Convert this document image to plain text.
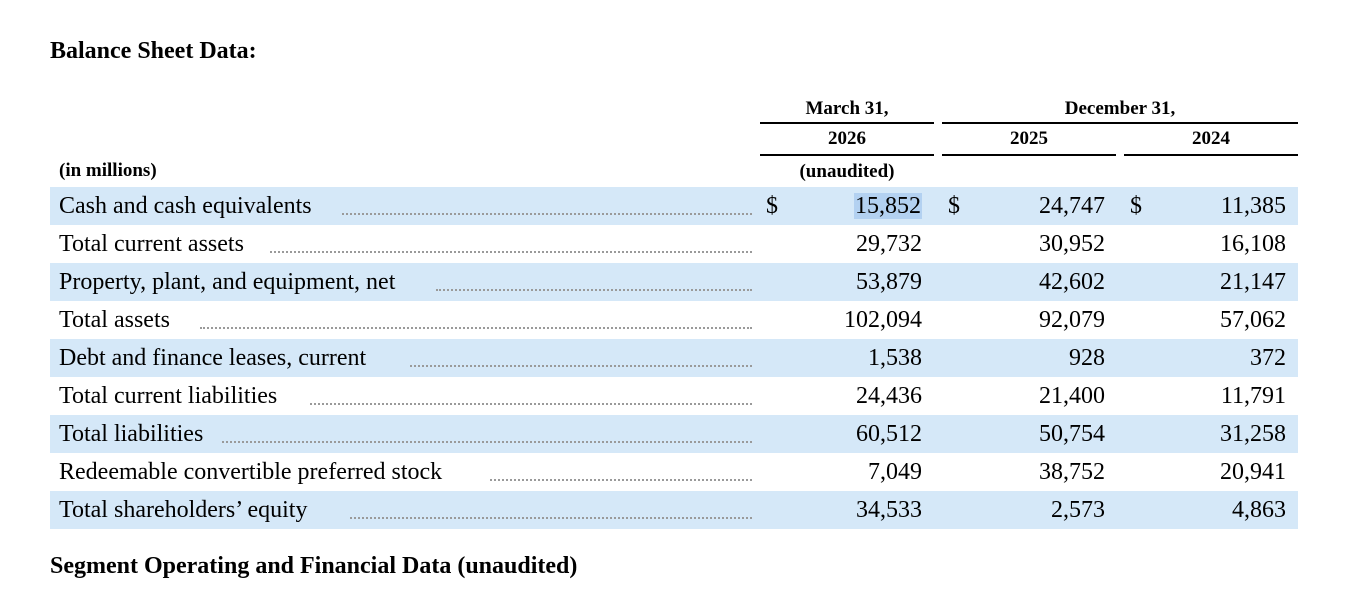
Balance Sheet Data:
March 31,
2026
(unaudited)
December 31,
2025	2024
(in millions)
Cash and cash equivalents	$	15,852 $	24,747 $	11,385
Total current assets	29,732	30,952	16,108
Property, plant, and equipment, net	53,879	42,602	21,147
Total assets	102,094	92,079	57,062
Debt and finance leases, current	1,538	928	372
Total current liabilities	24,436	21,400	11,791
Total liabilities	60,512	50,754	31,258
Redeemable convertible preferred stock	7,049	38,752	20,941
Total shareholders’ equity	34,533	2,573	4,863
Segment Operating and Financial Data (unaudited)
